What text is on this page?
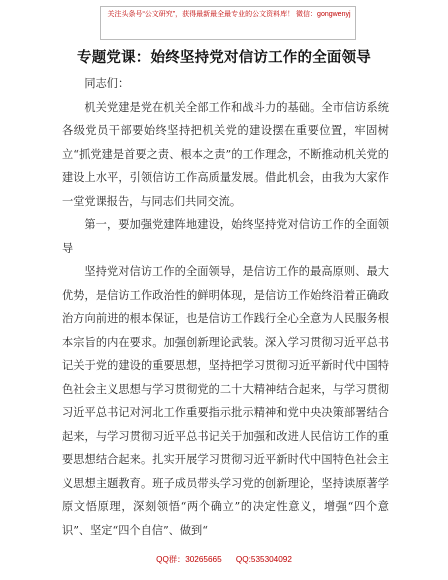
关注头条号“公文研究”，获得最新最全最专业的公文资料库！ 微信：gongwenyj
专题党课：始终坚持党对信访工作的全面领导

同志们：

机关党建是党在机关全部工作和战斗力的基础。全市信访系统各级党员干部要始终坚持把机关党的建设摆在重要位置，牢固树立“抓党建是首要之责、根本之责”的工作理念，不断推动机关党的建设上水平，引领信访工作高质量发展。借此机会，由我为大家作一堂党课报告，与同志们共同交流。

第一，要加强党建阵地建设，始终坚持党对信访工作的全面领导

坚持党对信访工作的全面领导，是信访工作的最高原则、最大优势，是信访工作政治性的鲜明体现，是信访工作始终沿着正确政治方向前进的根本保证，也是信访工作践行全心全意为人民服务根本宗旨的内在要求。加强创新理论武装。深入学习贯彻习近平总书记关于党的建设的重要思想，坚持把学习贯彻习近平新时代中国特色社会主义思想与学习贯彻党的二十大精神结合起来，与学习贯彻习近平总书记对河北工作重要指示批示精神和党中央决策部署结合起来，与学习贯彻习近平总书记关于加强和改进人民信访工作的重要思想结合起来。扎实开展学习贯彻习近平新时代中国特色社会主义思想主题教育。班子成员带头学习党的创新理论，坚持读原著学原文悟原理，深刻领悟“两个确立”的决定性意义，增强“四个意识”、坚定“四个自信”、做到“

QQ群：30265665 QQ:535304092
